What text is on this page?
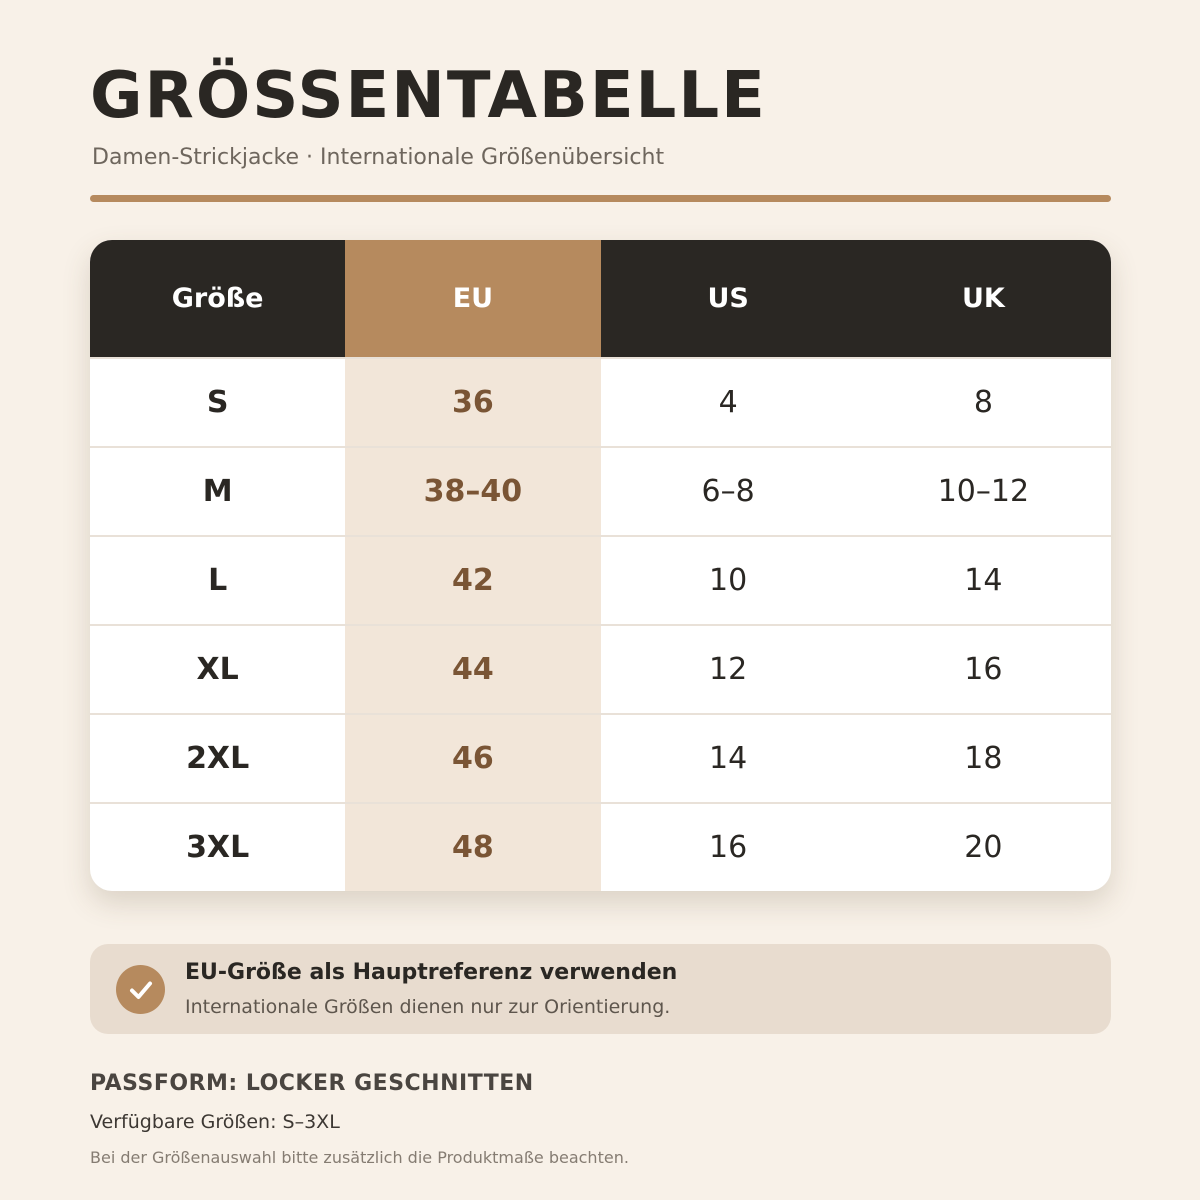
GRÖSSENTABELLE
Damen-Strickjacke · Internationale Größenübersicht
Größe	EU	US	UK
S	36	4	8
M	38–40	6–8	10–12
L	42	10	14
XL	44	12	16
2XL	46	14	18
3XL	48	16	20
EU-Größe als Hauptreferenz verwenden
Internationale Größen dienen nur zur Orientierung.
PASSFORM: LOCKER GESCHNITTEN
Verfügbare Größen: S–3XL
Bei der Größenauswahl bitte zusätzlich die Produktmaße beachten.
